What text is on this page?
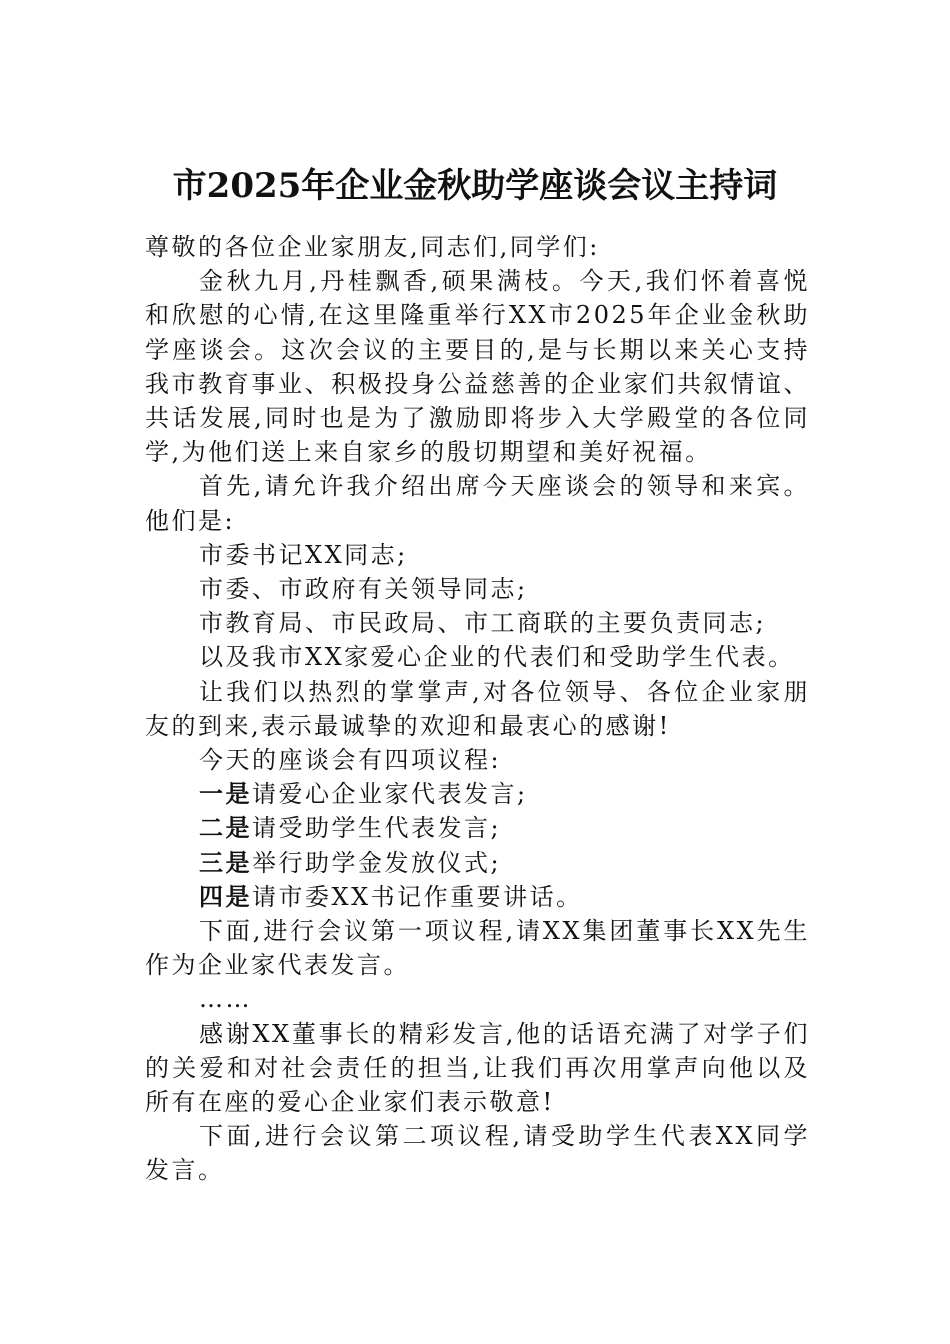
市2025年企业金秋助学座谈会议主持词

尊敬的各位企业家朋友,同志们,同学们:

金秋九月,丹桂飘香,硕果满枝。今天,我们怀着喜悦和欣慰的心情,在这里隆重举行XX市2025年企业金秋助学座谈会。这次会议的主要目的,是与长期以来关心支持我市教育事业、积极投身公益慈善的企业家们共叙情谊、共话发展,同时也是为了激励即将步入大学殿堂的各位同学,为他们送上来自家乡的殷切期望和美好祝福。

首先,请允许我介绍出席今天座谈会的领导和来宾。他们是:

市委书记XX同志;

市委、市政府有关领导同志;

市教育局、市民政局、市工商联的主要负责同志;

以及我市XX家爱心企业的代表们和受助学生代表。

让我们以热烈的掌掌声,对各位领导、各位企业家朋友的到来,表示最诚挚的欢迎和最衷心的感谢!

今天的座谈会有四项议程:

一是请爱心企业家代表发言;

二是请受助学生代表发言;

三是举行助学金发放仪式;

四是请市委XX书记作重要讲话。

下面,进行会议第一项议程,请XX集团董事长XX先生作为企业家代表发言。

……

感谢XX董事长的精彩发言,他的话语充满了对学子们的关爱和对社会责任的担当,让我们再次用掌声向他以及所有在座的爱心企业家们表示敬意!

下面,进行会议第二项议程,请受助学生代表XX同学发言。
